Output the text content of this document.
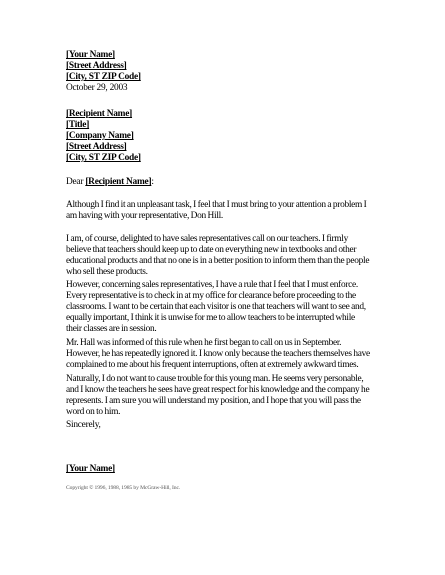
[Your Name]
[Street Address]
[City, ST ZIP Code]
October 29, 2003
[Recipient Name]
[Title]
[Company Name]
[Street Address]
[City, ST ZIP Code]
Dear [Recipient Name]:

Although I find it an unpleasant task, I feel that I must bring to your attention a problem I
am having with your representative, Don Hill.

I am, of course, delighted to have sales representatives call on our teachers. I firmly
believe that teachers should keep up to date on everything new in textbooks and other
educational products and that no one is in a better position to inform them than the people
who sell these products.

However, concerning sales representatives, I have a rule that I feel that I must enforce.
Every representative is to check in at my office for clearance before proceeding to the
classrooms. I want to be certain that each visitor is one that teachers will want to see and,
equally important, I think it is unwise for me to allow teachers to be interrupted while
their classes are in session.

Mr. Hall was informed of this rule when he first began to call on us in September.
However, he has repeatedly ignored it. I know only because the teachers themselves have
complained to me about his frequent interruptions, often at extremely awkward times.

Naturally, I do not want to cause trouble for this young man. He seems very personable,
and I know the teachers he sees have great respect for his knowledge and the company he
represents. I am sure you will understand my position, and I hope that you will pass the
word on to him.

Sincerely,
[Your Name]
Copyright © 1996, 1988, 1985 by McGraw-Hill, Inc.
